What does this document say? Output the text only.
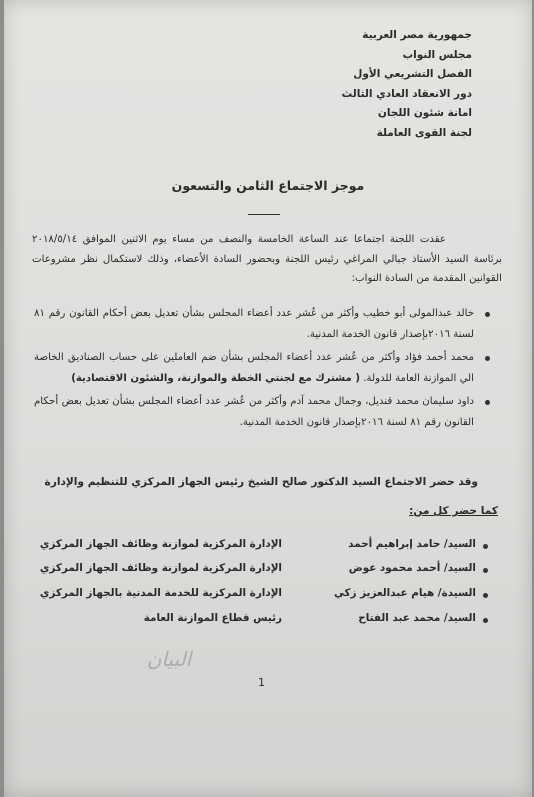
جمهورية مصر العربية
مجلس النواب
الفصل التشريعي الأول
دور الانعقاد العادي الثالث
امانة شئون اللجان
لجنة القوى العاملة
موجز الاجتماع الثامن والتسعون
عقدت اللجنة اجتماعا عند الساعة الخامسة والنصف من مساء يوم الاثنين الموافق ٢٠١٨/٥/١٤ برئاسة السيد الأستاذ جبالي المراغي رئيس اللجنة وبحضور السادة الأعضاء، وذلك لاستكمال نظر مشروعات القوانين المقدمة من السادة النواب:
خالد عبدالمولى أبو خطيب وأكثر من عُشر عدد أعضاء المجلس بشأن تعديل بعض أحكام القانون رقم ٨١ لسنة ٢٠١٦بإصدار قانون الخدمة المدنية.
محمد أحمد فؤاد وأكثر من عُشر عدد أعضاء المجلس بشأن ضم العاملين على حساب الصناديق الخاصة الي الموازنة العامة للدولة. ( مشترك مع لجنتي الخطة والموازنة، والشئون الاقتصادية)
داود سليمان محمد قنديل، وجمال محمد آدم وأكثر من عُشر عدد أعضاء المجلس بشأن تعديل بعض أحكام القانون رقم ٨١ لسنة ٢٠١٦بإصدار قانون الخدمة المدنية.
وقد حضر الاجتماع السيد الدكتور صالح الشيخ رئيس الجهاز المركزي للتنظيم والإدارة
كما حضر كل من:
السيد/ حامد إبراهيم أحمد
الإدارة المركزية لموازنة وظائف الجهاز المركزي
السيد/ أحمد محمود عوض
الإدارة المركزية لموازنة وظائف الجهاز المركزي
السيدة/ هيام عبدالعزيز زكي
الإدارة المركزية للخدمة المدنية بالجهاز المركزي
السيد/ محمد عبد الفتاح
رئيس قطاع الموازنة العامة
البيان
1
